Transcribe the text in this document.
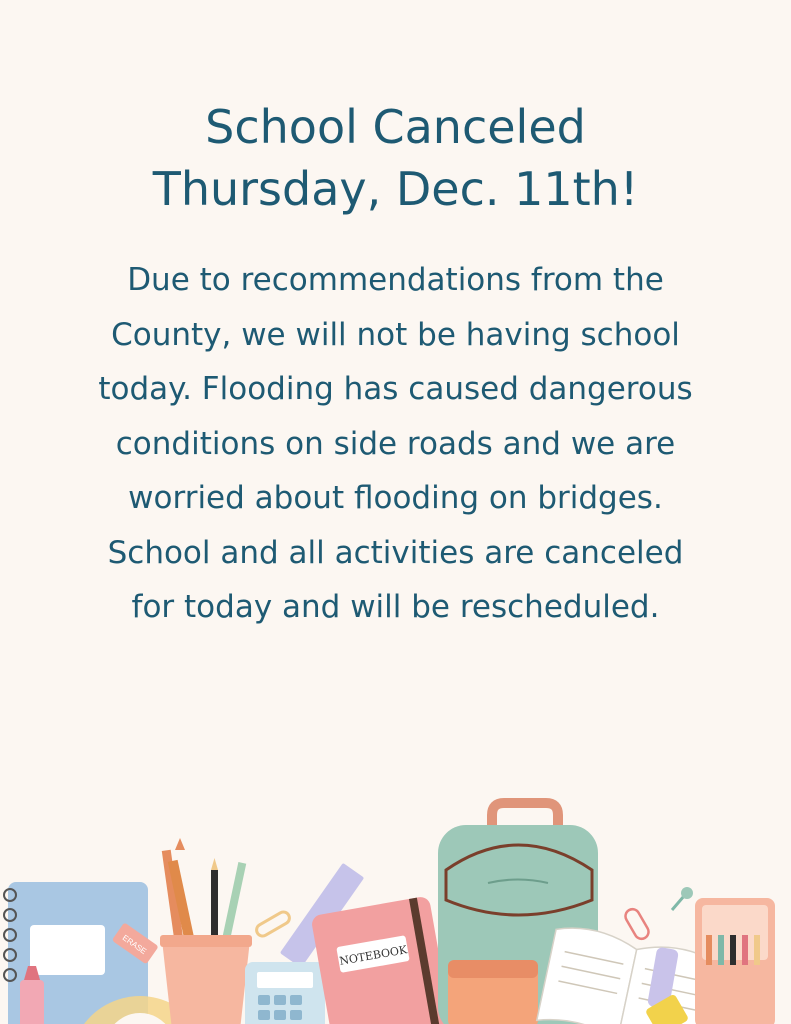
School Canceled
Thursday, Dec. 11th!
Due to recommendations from the County, we will not be having school today. Flooding has caused dangerous conditions on side roads and we are worried about flooding on bridges. School and all activities are canceled for today and will be rescheduled.
ERASE	NOTEBOOK
